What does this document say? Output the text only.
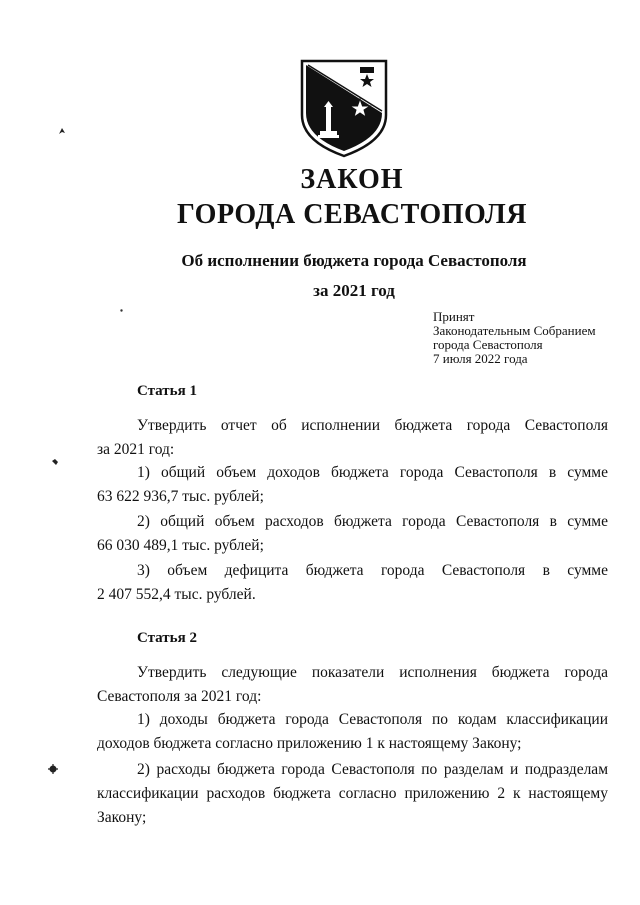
ЗАКОН
ГОРОДА СЕВАСТОПОЛЯ
Об исполнении бюджета города Севастополя
за 2021 год
Принят
Законодательным Собранием
города Севастополя
7 июля 2022 года
Статья 1
Утвердить отчет об исполнении бюджета города Севастополя
за 2021 год:
1) общий объем доходов бюджета города Севастополя в сумме
63 622 936,7 тыс. рублей;
2) общий объем расходов бюджета города Севастополя в сумме
66 030 489,1 тыс. рублей;
3) объем дефицита бюджета города Севастополя в сумме
2 407 552,4 тыс. рублей.
Статья 2
Утвердить следующие показатели исполнения бюджета города
Севастополя за 2021 год:
1) доходы бюджета города Севастополя по кодам классификации
доходов бюджета согласно приложению 1 к настоящему Закону;
2) расходы бюджета города Севастополя по разделам и подразделам
классификации расходов бюджета согласно приложению 2 к настоящему
Закону;
